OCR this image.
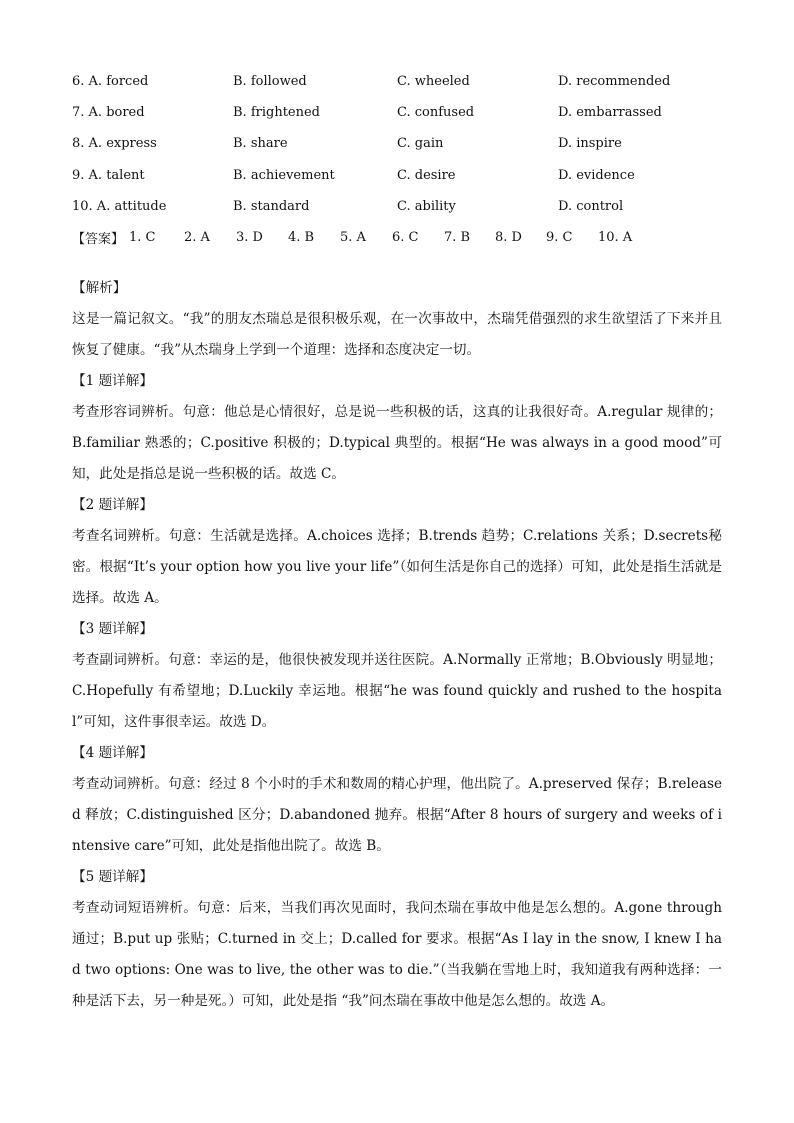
6. A. forced	B. followed	C. wheeled	D. recommended
7. A. bored	B. frightened	C. confused	D. embarrassed
8. A. express	B. share	C. gain	D. inspire
9. A. talent	B. achievement	C. desire	D. evidence
10. A. attitude	B. standard	C. ability	D. control
【答案】 1. C	2. A	3. D	4. B	5. A	6. C	7. B	8. D	9. C	10. A
【解析】
这是一篇记叙文。“我”的朋友杰瑞总是很积极乐观，在一次事故中，杰瑞凭借强烈的求生欲望活了下来并且恢复了健康。“我”从杰瑞身上学到一个道理：选择和态度决定一切。
【1 题详解】
考查形容词辨析。句意：他总是心情很好，总是说一些积极的话，这真的让我很好奇。A.regular 规律的；B.familiar 熟悉的；C.positive 积极的；D.typical 典型的。根据“He was always in a good mood”可知，此处是指总是说一些积极的话。故选 C。
【2 题详解】
考查名词辨析。句意：生活就是选择。A.choices 选择；B.trends 趋势；C.relations 关系；D.secrets秘密。根据“It’s your option how you live your life”（如何生活是你自己的选择）可知，此处是指生活就是选择。故选 A。
【3 题详解】
考查副词辨析。句意：幸运的是，他很快被发现并送往医院。A.Normally 正常地；B.Obviously 明显地；C.Hopefully 有希望地；D.Luckily 幸运地。根据“he was found quickly and rushed to the hospital”可知，这件事很幸运。故选 D。
【4 题详解】
考查动词辨析。句意：经过 8 个小时的手术和数周的精心护理，他出院了。A.preserved 保存；B.released 释放；C.distinguished 区分；D.abandoned 抛弃。根据“After 8 hours of surgery and weeks of intensive care”可知，此处是指他出院了。故选 B。
【5 题详解】
考查动词短语辨析。句意：后来，当我们再次见面时，我问杰瑞在事故中他是怎么想的。A.gone through 通过；B.put up 张贴；C.turned in 交上；D.called for 要求。根据“As I lay in the snow, I knew I had two options: One was to live, the other was to die.”（当我躺在雪地上时，我知道我有两种选择：一种是活下去，另一种是死。）可知，此处是指 “我”问杰瑞在事故中他是怎么想的。故选 A。
